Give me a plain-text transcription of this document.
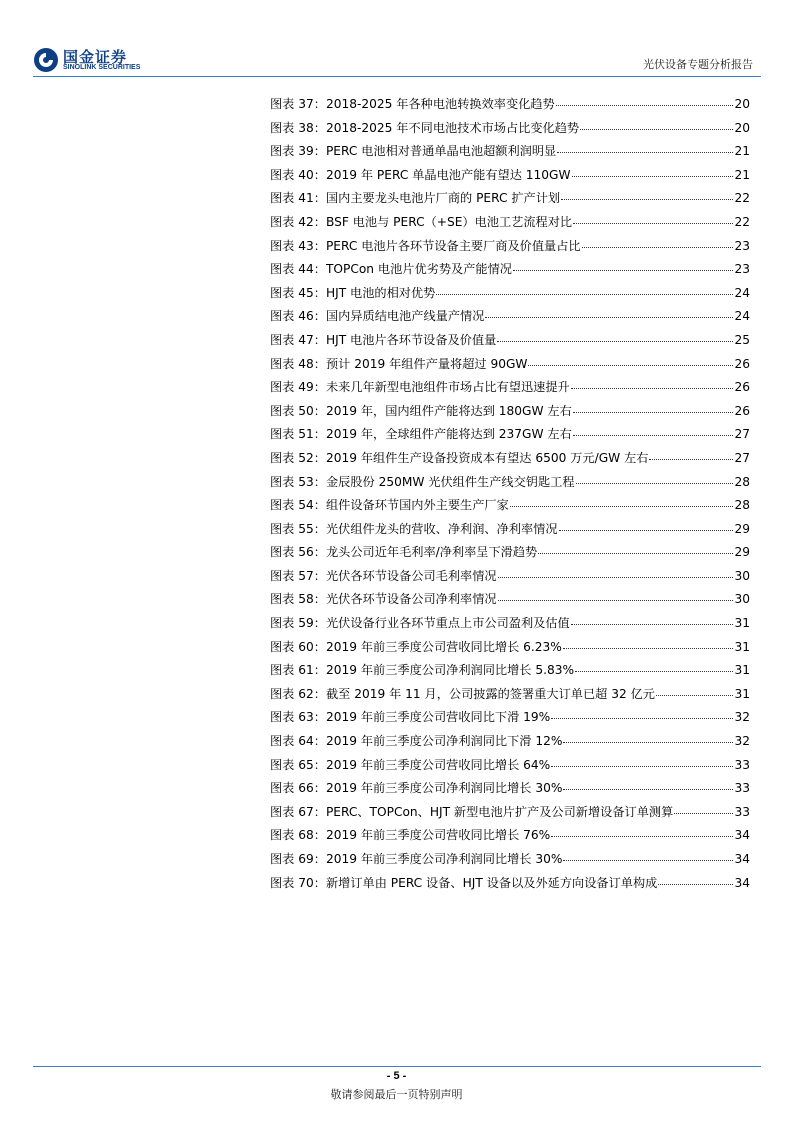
国金证券
SINOLINK SECURITIES	光伏设备专题分析报告
图表 37： 2018-2025 年各种电池转换效率变化趋势	20
图表 38： 2018-2025 年不同电池技术市场占比变化趋势	20
图表 39： PERC 电池相对普通单晶电池超额利润明显	21
图表 40： 2019 年 PERC 单晶电池产能有望达 110GW	21
图表 41： 国内主要龙头电池片厂商的 PERC 扩产计划	22
图表 42： BSF 电池与 PERC（+SE）电池工艺流程对比	22
图表 43： PERC 电池片各环节设备主要厂商及价值量占比	23
图表 44： TOPCon 电池片优劣势及产能情况	23
图表 45： HJT 电池的相对优势	24
图表 46： 国内异质结电池产线量产情况	24
图表 47： HJT 电池片各环节设备及价值量	25
图表 48： 预计 2019 年组件产量将超过 90GW	26
图表 49： 未来几年新型电池组件市场占比有望迅速提升	26
图表 50： 2019 年，国内组件产能将达到 180GW 左右	26
图表 51： 2019 年，全球组件产能将达到 237GW 左右	27
图表 52： 2019 年组件生产设备投资成本有望达 6500 万元/GW 左右	27
图表 53： 金辰股份 250MW 光伏组件生产线交钥匙工程	28
图表 54： 组件设备环节国内外主要生产厂家	28
图表 55： 光伏组件龙头的营收、净利润、净利率情况	29
图表 56： 龙头公司近年毛利率/净利率呈下滑趋势	29
图表 57： 光伏各环节设备公司毛利率情况	30
图表 58： 光伏各环节设备公司净利率情况	30
图表 59： 光伏设备行业各环节重点上市公司盈利及估值	31
图表 60： 2019 年前三季度公司营收同比增长 6.23%	31
图表 61： 2019 年前三季度公司净利润同比增长 5.83%	31
图表 62： 截至 2019 年 11 月，公司披露的签署重大订单已超 32 亿元	31
图表 63： 2019 年前三季度公司营收同比下滑 19%	32
图表 64： 2019 年前三季度公司净利润同比下滑 12%	32
图表 65： 2019 年前三季度公司营收同比增长 64%	33
图表 66： 2019 年前三季度公司净利润同比增长 30%	33
图表 67： PERC、TOPCon、HJT 新型电池片扩产及公司新增设备订单测算	33
图表 68： 2019 年前三季度公司营收同比增长 76%	34
图表 69： 2019 年前三季度公司净利润同比增长 30%	34
图表 70： 新增订单由 PERC 设备、HJT 设备以及外延方向设备订单构成	34
- 5 -
敬请参阅最后一页特别声明
